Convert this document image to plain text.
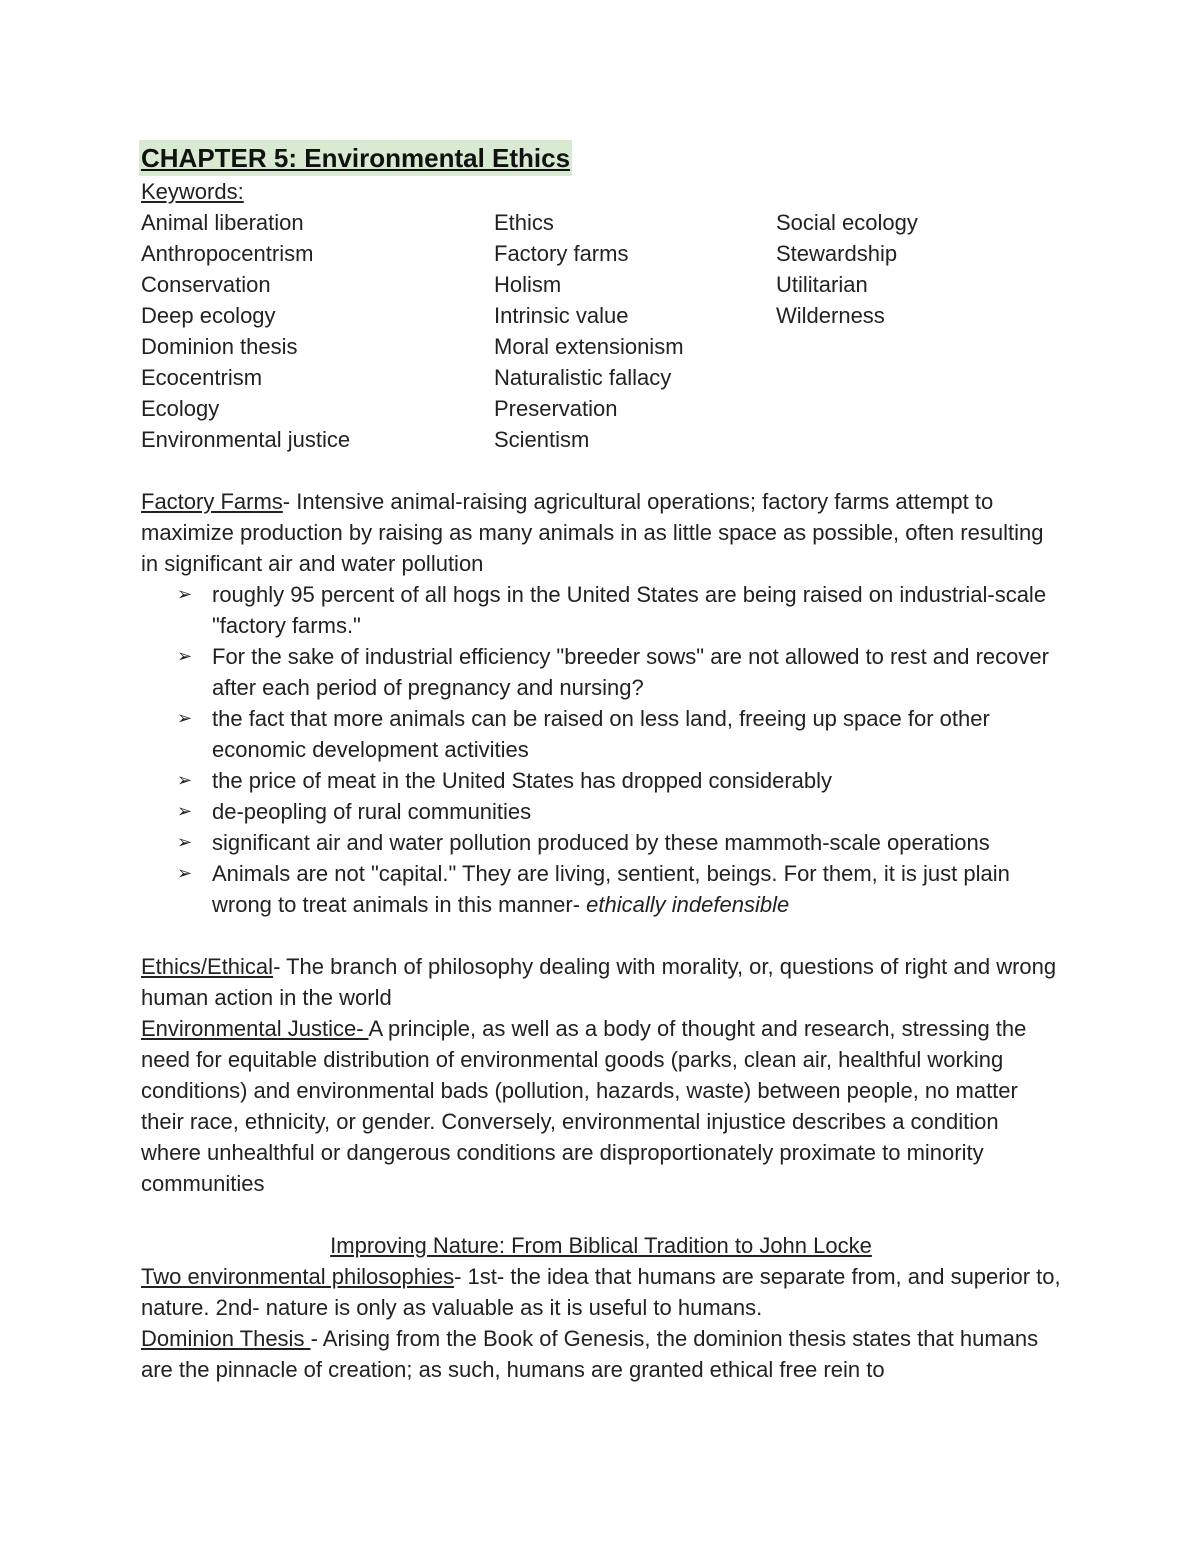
CHAPTER 5: Environmental Ethics
Keywords:
Animal liberation
Anthropocentrism
Conservation
Deep ecology
Dominion thesis
Ecocentrism
Ecology
Environmental justice
Ethics
Factory farms
Holism
Intrinsic value
Moral extensionism
Naturalistic fallacy
Preservation
Scientism
Social ecology
Stewardship
Utilitarian
Wilderness

Factory Farms- Intensive animal-raising agricultural operations; factory farms attempt to maximize production by raising as many animals in as little space as possible, often resulting in significant air and water pollution

➢ roughly 95 percent of all hogs in the United States are being raised on industrial-scale "factory farms."
➢ For the sake of industrial efficiency "breeder sows" are not allowed to rest and recover after each period of pregnancy and nursing?
➢ the fact that more animals can be raised on less land, freeing up space for other economic development activities
➢ the price of meat in the United States has dropped considerably
➢ de-peopling of rural communities
➢ significant air and water pollution produced by these mammoth-scale operations
➢ Animals are not "capital." They are living, sentient, beings. For them, it is just plain wrong to treat animals in this manner- ethically indefensible

Ethics/Ethical- The branch of philosophy dealing with morality, or, questions of right and wrong human action in the world

Environmental Justice- A principle, as well as a body of thought and research, stressing the need for equitable distribution of environmental goods (parks, clean air, healthful working conditions) and environmental bads (pollution, hazards, waste) between people, no matter their race, ethnicity, or gender. Conversely, environmental injustice describes a condition where unhealthful or dangerous conditions are disproportionately proximate to minority communities

Improving Nature: From Biblical Tradition to John Locke

Two environmental philosophies- 1st- the idea that humans are separate from, and superior to, nature. 2nd- nature is only as valuable as it is useful to humans.

Dominion Thesis - Arising from the Book of Genesis, the dominion thesis states that humans are the pinnacle of creation; as such, humans are granted ethical free rein to
